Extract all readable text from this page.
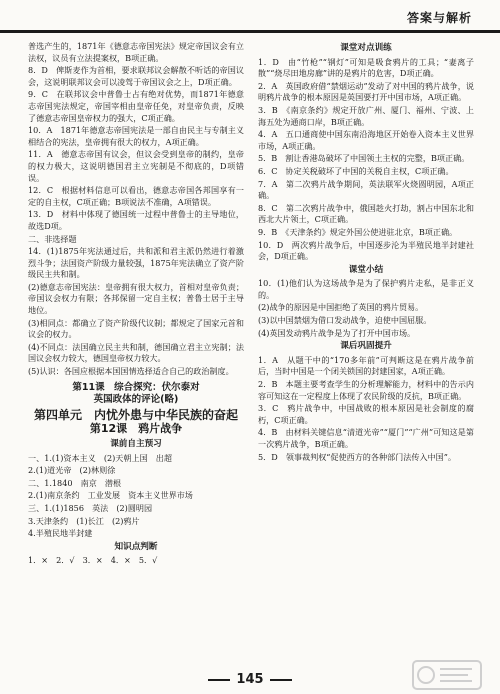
答案与解析

普选产生的，1871年《德意志帝国宪法》规定帝国议会有立法权，议员有立法提案权，B项正确。

8．D　俾斯麦作为首相，要求联邦议会解散不听话的帝国议会，这说明联邦议会可以凌驾于帝国议会之上，D项正确。

9．C　在联邦议会中普鲁士占有绝对优势，而1871年德意志帝国宪法规定，帝国宰相由皇帝任免，对皇帝负责，反映了德意志帝国皇帝权力的强大，C项正确。

10．A　1871年德意志帝国宪法是一部自由民主与专制主义相结合的宪法，皇帝拥有很大的权力，A项正确。

11．A　德意志帝国有议会，但议会受到皇帝的制约，皇帝的权力极大，这说明德国君主立宪制是不彻底的，D项错误。

12．C　根据材料信息可以看出，德意志帝国各邦国享有一定的自主权，C项正确；B项说法不准确，A项错误。

13．D　材料中体现了德国统一过程中普鲁士的主导地位，故选D项。

二、非选择题

14．(1)1875年宪法通过后，共和派和君主派仍然进行着激烈斗争；法国资产阶级力量较强，1875年宪法确立了资产阶级民主共和制。

(2)德意志帝国宪法：皇帝拥有很大权力，首相对皇帝负责；帝国议会权力有限；各邦保留一定自主权；普鲁士居于主导地位。

(3)相同点：都确立了资产阶级代议制；都规定了国家元首和议会的权力。

(4)不同点：法国确立民主共和制，德国确立君主立宪制；法国议会权力较大，德国皇帝权力较大。

(5)认识：各国应根据本国国情选择适合自己的政治制度。

第11课　综合探究：伏尔泰对
英国政体的评论(略)
第四单元　内忧外患与中华民族的奋起
第12课　鸦片战争
课前自主预习

一、1.(1)资本主义　(2)天朝上国　出超

2.(1)道光帝　(2)林则徐

二、1.1840　南京　潜根

2.(1)南京条约　工业发展　资本主义世界市场

三、1.(1)1856　英法　(2)圆明园

3.天津条约　(1)长江　(2)鸦片

4.半殖民地半封建

知识点判断

1．×　2．√　3．×　4．×　5．√

课堂对点训练

1．D　由“竹枪”“钢灯”可知是吸食鸦片的工具；“妻离子散”“烧尽田地房廊”讲的是鸦片的危害，D项正确。

2．A　英国政府借“禁烟运动”发动了对中国的鸦片战争，说明鸦片战争的根本原因是英国要打开中国市场，A项正确。

3．B　《南京条约》规定开放广州、厦门、福州、宁波、上海五处为通商口岸，B项正确。

4．A　五口通商使中国东南沿海地区开始卷入资本主义世界市场，A项正确。

5．B　割让香港岛破坏了中国领土主权的完整，B项正确。

6．C　协定关税破坏了中国的关税自主权，C项正确。

7．A　第二次鸦片战争期间，英法联军火烧圆明园，A项正确。

8．C　第二次鸦片战争中，俄国趁火打劫，割占中国东北和西北大片领土，C项正确。

9．B　《天津条约》规定外国公使进驻北京，B项正确。

10．D　两次鸦片战争后，中国逐步沦为半殖民地半封建社会，D项正确。

课堂小结

10．(1)他们认为这场战争是为了保护鸦片走私，是非正义的。

(2)战争的原因是中国拒绝了英国的鸦片贸易。

(3)以中国禁烟为借口发动战争，迫使中国屈服。

(4)英国发动鸦片战争是为了打开中国市场。

课后巩固提升

1．A　从题干中的“170多年前”可判断这是在鸦片战争前后，当时中国是一个闭关锁国的封建国家，A项正确。

2．B　本题主要考查学生的分析理解能力，材料中的告示内容可知这在一定程度上体现了农民阶级的反抗，B项正确。

3．C　鸦片战争中，中国战败的根本原因是社会制度的腐朽，C项正确。

4．B　由材料关键信息“清道光帝”“厦门”“广州”可知这是第一次鸦片战争，B项正确。

5．D　领事裁判权“促使西方的各种部门法传入中国”。

145
